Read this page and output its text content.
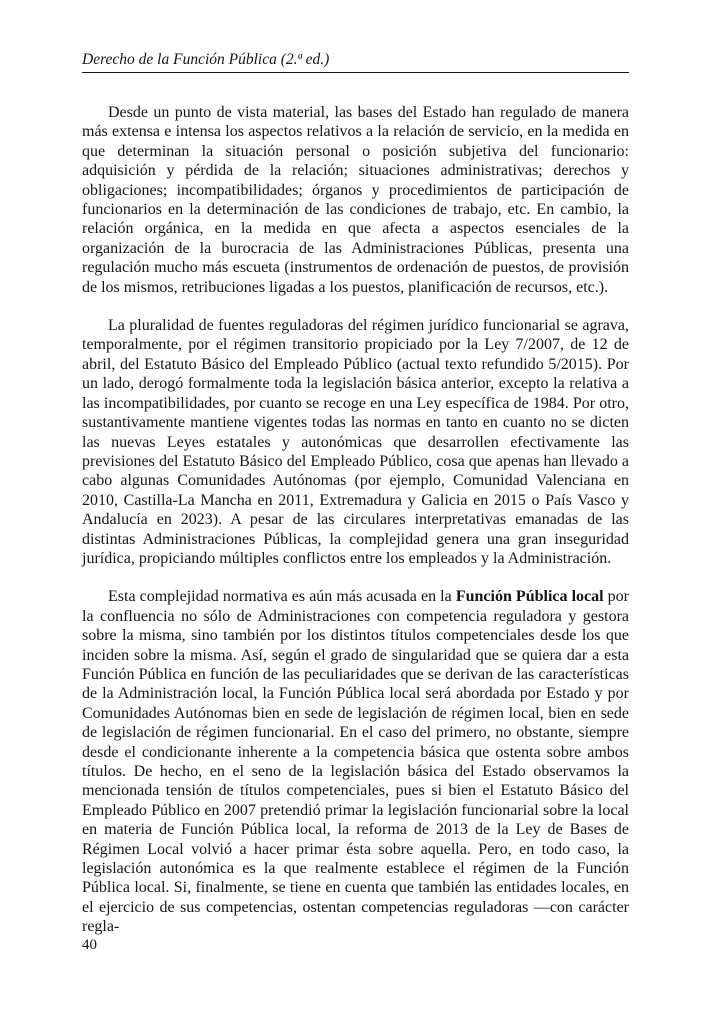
Derecho de la Función Pública (2.ª ed.)

Desde un punto de vista material, las bases del Estado han regulado de manera más extensa e intensa los aspectos relativos a la relación de servicio, en la medida en que determinan la situación personal o posición subjetiva del funcionario: adquisición y pérdida de la relación; situaciones administrativas; derechos y obligaciones; incompatibilidades; órganos y procedimientos de participación de funcionarios en la determinación de las condiciones de trabajo, etc. En cambio, la relación orgánica, en la medida en que afecta a aspectos esenciales de la organización de la burocracia de las Administraciones Públicas, presenta una regulación mucho más escueta (instrumentos de ordenación de puestos, de provisión de los mismos, retribuciones ligadas a los puestos, planificación de recursos, etc.).

La pluralidad de fuentes reguladoras del régimen jurídico funcionarial se agrava, temporalmente, por el régimen transitorio propiciado por la Ley 7/2007, de 12 de abril, del Estatuto Básico del Empleado Público (actual texto refundido 5/2015). Por un lado, derogó formalmente toda la legislación básica anterior, excepto la relativa a las incompatibilidades, por cuanto se recoge en una Ley específica de 1984. Por otro, sustantivamente mantiene vigentes todas las normas en tanto en cuanto no se dicten las nuevas Leyes estatales y autonómicas que desarrollen efectivamente las previsiones del Estatuto Básico del Empleado Público, cosa que apenas han llevado a cabo algunas Comunidades Autónomas (por ejemplo, Comunidad Valenciana en 2010, Castilla-La Mancha en 2011, Extremadura y Galicia en 2015 o País Vasco y Andalucía en 2023). A pesar de las circulares interpretativas emanadas de las distintas Administraciones Públicas, la complejidad genera una gran inseguridad jurídica, propiciando múltiples conflictos entre los empleados y la Administración.

Esta complejidad normativa es aún más acusada en la Función Pública local por la confluencia no sólo de Administraciones con competencia reguladora y gestora sobre la misma, sino también por los distintos títulos competenciales desde los que inciden sobre la misma. Así, según el grado de singularidad que se quiera dar a esta Función Pública en función de las peculiaridades que se derivan de las características de la Administración local, la Función Pública local será abordada por Estado y por Comunidades Autónomas bien en sede de legislación de régimen local, bien en sede de legislación de régimen funcionarial. En el caso del primero, no obstante, siempre desde el condicionante inherente a la competencia básica que ostenta sobre ambos títulos. De hecho, en el seno de la legislación básica del Estado observamos la mencionada tensión de títulos competenciales, pues si bien el Estatuto Básico del Empleado Público en 2007 pretendió primar la legislación funcionarial sobre la local en materia de Función Pública local, la reforma de 2013 de la Ley de Bases de Régimen Local volvió a hacer primar ésta sobre aquella. Pero, en todo caso, la legislación autonómica es la que realmente establece el régimen de la Función Pública local. Si, finalmente, se tiene en cuenta que también las entidades locales, en el ejercicio de sus competencias, ostentan competencias reguladoras —con carácter regla-

40
